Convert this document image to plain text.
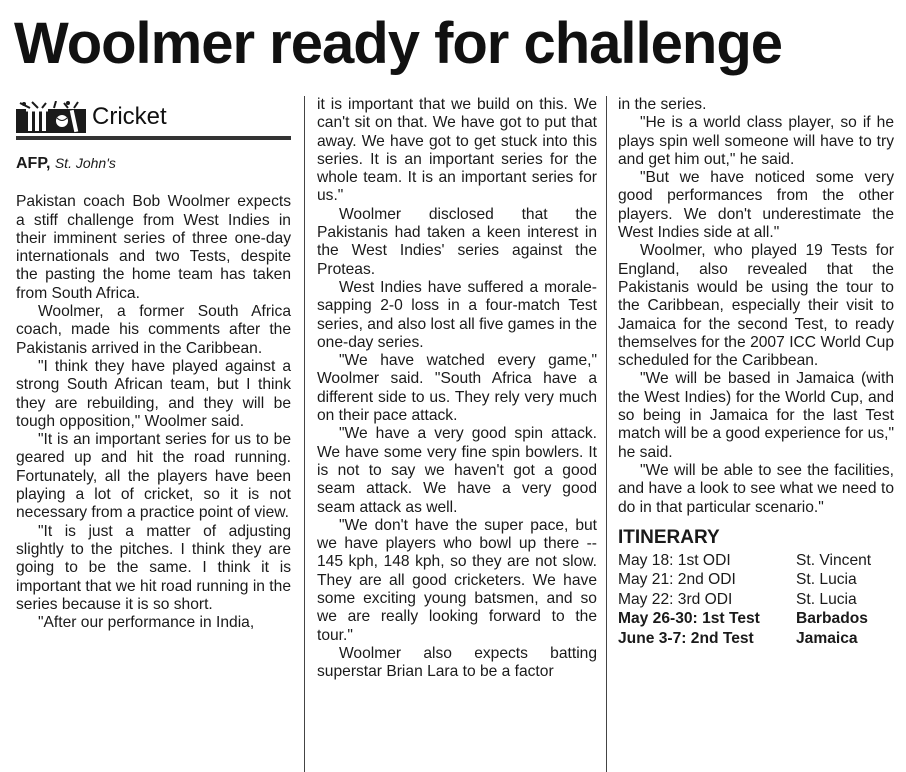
Woolmer ready for challenge
Cricket

AFP, St. John's

Pakistan coach Bob Woolmer expects a stiff challenge from West Indies in their imminent series of three one-day internationals and two Tests, despite the pasting the home team has taken from South Africa.

Woolmer, a former South Africa coach, made his comments after the Pakistanis arrived in the Caribbean.

"I think they have played against a strong South African team, but I think they are rebuilding, and they will be tough opposition," Woolmer said.

"It is an important series for us to be geared up and hit the road running. Fortunately, all the players have been playing a lot of cricket, so it is not necessary from a practice point of view.

"It is just a matter of adjusting slightly to the pitches. I think they are going to be the same. I think it is important that we hit road running in the series because it is so short.

"After our performance in India,

it is important that we build on this. We can't sit on that. We have got to put that away. We have got to get stuck into this series. It is an important series for the whole team. It is an important series for us."

Woolmer disclosed that the Pakistanis had taken a keen interest in the West Indies' series against the Proteas.

West Indies have suffered a morale-sapping 2-0 loss in a four-match Test series, and also lost all five games in the one-day series.

"We have watched every game," Woolmer said. "South Africa have a different side to us. They rely very much on their pace attack.

"We have a very good spin attack. We have some very fine spin bowlers. It is not to say we haven't got a good seam attack. We have a very good seam attack as well.

"We don't have the super pace, but we have players who bowl up there -- 145 kph, 148 kph, so they are not slow. They are all good cricketers. We have some exciting young batsmen, and so we are really looking forward to the tour."

Woolmer also expects batting superstar Brian Lara to be a factor

in the series.

"He is a world class player, so if he plays spin well someone will have to try and get him out," he said.

"But we have noticed some very good performances from the other players. We don't underestimate the West Indies side at all."

Woolmer, who played 19 Tests for England, also revealed that the Pakistanis would be using the tour to the Caribbean, especially their visit to Jamaica for the second Test, to ready themselves for the 2007 ICC World Cup scheduled for the Caribbean.

"We will be based in Jamaica (with the West Indies) for the World Cup, and so being in Jamaica for the last Test match will be a good experience for us," he said.

"We will be able to see the facilities, and have a look to see what we need to do in that particular scenario."

ITINERARY
May 18: 1st ODI	St. Vincent
May 21: 2nd ODI	St. Lucia
May 22: 3rd ODI	St. Lucia
May 26-30: 1st Test	Barbados
June 3-7: 2nd Test	Jamaica
